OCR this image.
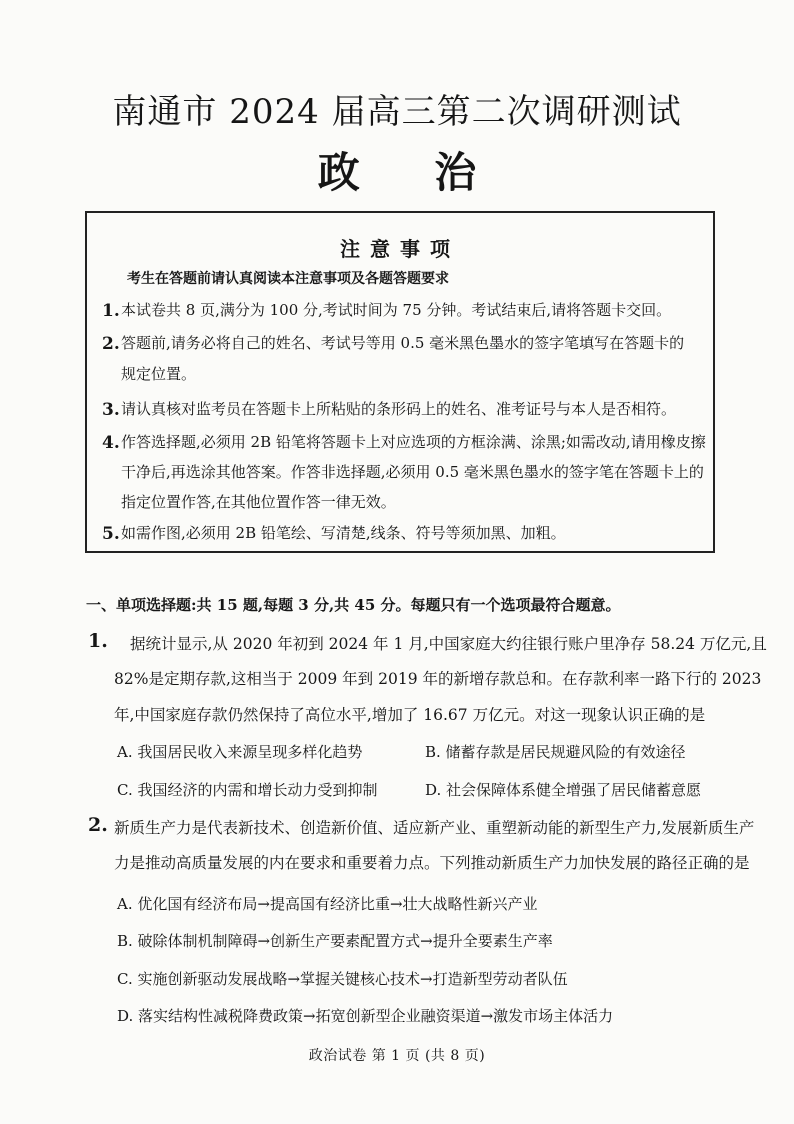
南通市 2024 届高三第二次调研测试
政 治
注意事项
考生在答题前请认真阅读本注意事项及各题答题要求
1. 本试卷共 8 页,满分为 100 分,考试时间为 75 分钟。考试结束后,请将答题卡交回。
2. 答题前,请务必将自己的姓名、考试号等用 0.5 毫米黑色墨水的签字笔填写在答题卡的
规定位置。
3. 请认真核对监考员在答题卡上所粘贴的条形码上的姓名、准考证号与本人是否相符。
4. 作答选择题,必须用 2B 铅笔将答题卡上对应选项的方框涂满、涂黑;如需改动,请用橡皮擦
干净后,再选涂其他答案。作答非选择题,必须用 0.5 毫米黑色墨水的签字笔在答题卡上的
指定位置作答,在其他位置作答一律无效。
5. 如需作图,必须用 2B 铅笔绘、写清楚,线条、符号等须加黑、加粗。
一、单项选择题:共 15 题,每题 3 分,共 45 分。每题只有一个选项最符合题意。
1. 据统计显示,从 2020 年初到 2024 年 1 月,中国家庭大约往银行账户里净存 58.24 万亿元,且
82%是定期存款,这相当于 2009 年到 2019 年的新增存款总和。在存款利率一路下行的 2023
年,中国家庭存款仍然保持了高位水平,增加了 16.67 万亿元。对这一现象认识正确的是
A. 我国居民收入来源呈现多样化趋势	B. 储蓄存款是居民规避风险的有效途径
C. 我国经济的内需和增长动力受到抑制	D. 社会保障体系健全增强了居民储蓄意愿
2. 新质生产力是代表新技术、创造新价值、适应新产业、重塑新动能的新型生产力,发展新质生产
力是推动高质量发展的内在要求和重要着力点。下列推动新质生产力加快发展的路径正确的是
A. 优化国有经济布局→提高国有经济比重→壮大战略性新兴产业
B. 破除体制机制障碍→创新生产要素配置方式→提升全要素生产率
C. 实施创新驱动发展战略→掌握关键核心技术→打造新型劳动者队伍
D. 落实结构性减税降费政策→拓宽创新型企业融资渠道→激发市场主体活力
政治试卷 第 1 页 (共 8 页)
